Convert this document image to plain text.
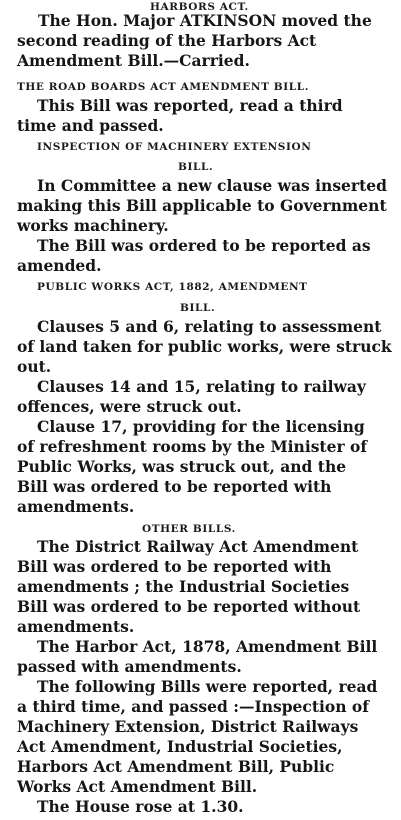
HARBORS ACT.
The Hon. Major ATKINSON moved the
second reading of the Harbors Act
Amendment Bill.—Carried.
THE ROAD BOARDS ACT AMENDMENT BILL.
This Bill was reported, read a third
time and passed.
INSPECTION OF MACHINERY EXTENSION
BILL.
In Committee a new clause was inserted
making this Bill applicable to Government
works machinery.
The Bill was ordered to be reported as
amended.
PUBLIC WORKS ACT, 1882, AMENDMENT
BILL.
Clauses 5 and 6, relating to assessment
of land taken for public works, were struck
out.
Clauses 14 and 15, relating to railway
offences, were struck out.
Clause 17, providing for the licensing
of refreshment rooms by the Minister of
Public Works, was struck out, and the
Bill was ordered to be reported with
amendments.
OTHER BILLS.
The District Railway Act Amendment
Bill was ordered to be reported with
amendments ; the Industrial Societies
Bill was ordered to be reported without
amendments.
The Harbor Act, 1878, Amendment Bill
passed with amendments.
The following Bills were reported, read
a third time, and passed :—Inspection of
Machinery Extension, District Railways
Act Amendment, Industrial Societies,
Harbors Act Amendment Bill, Public
Works Act Amendment Bill.
The House rose at 1.30.
